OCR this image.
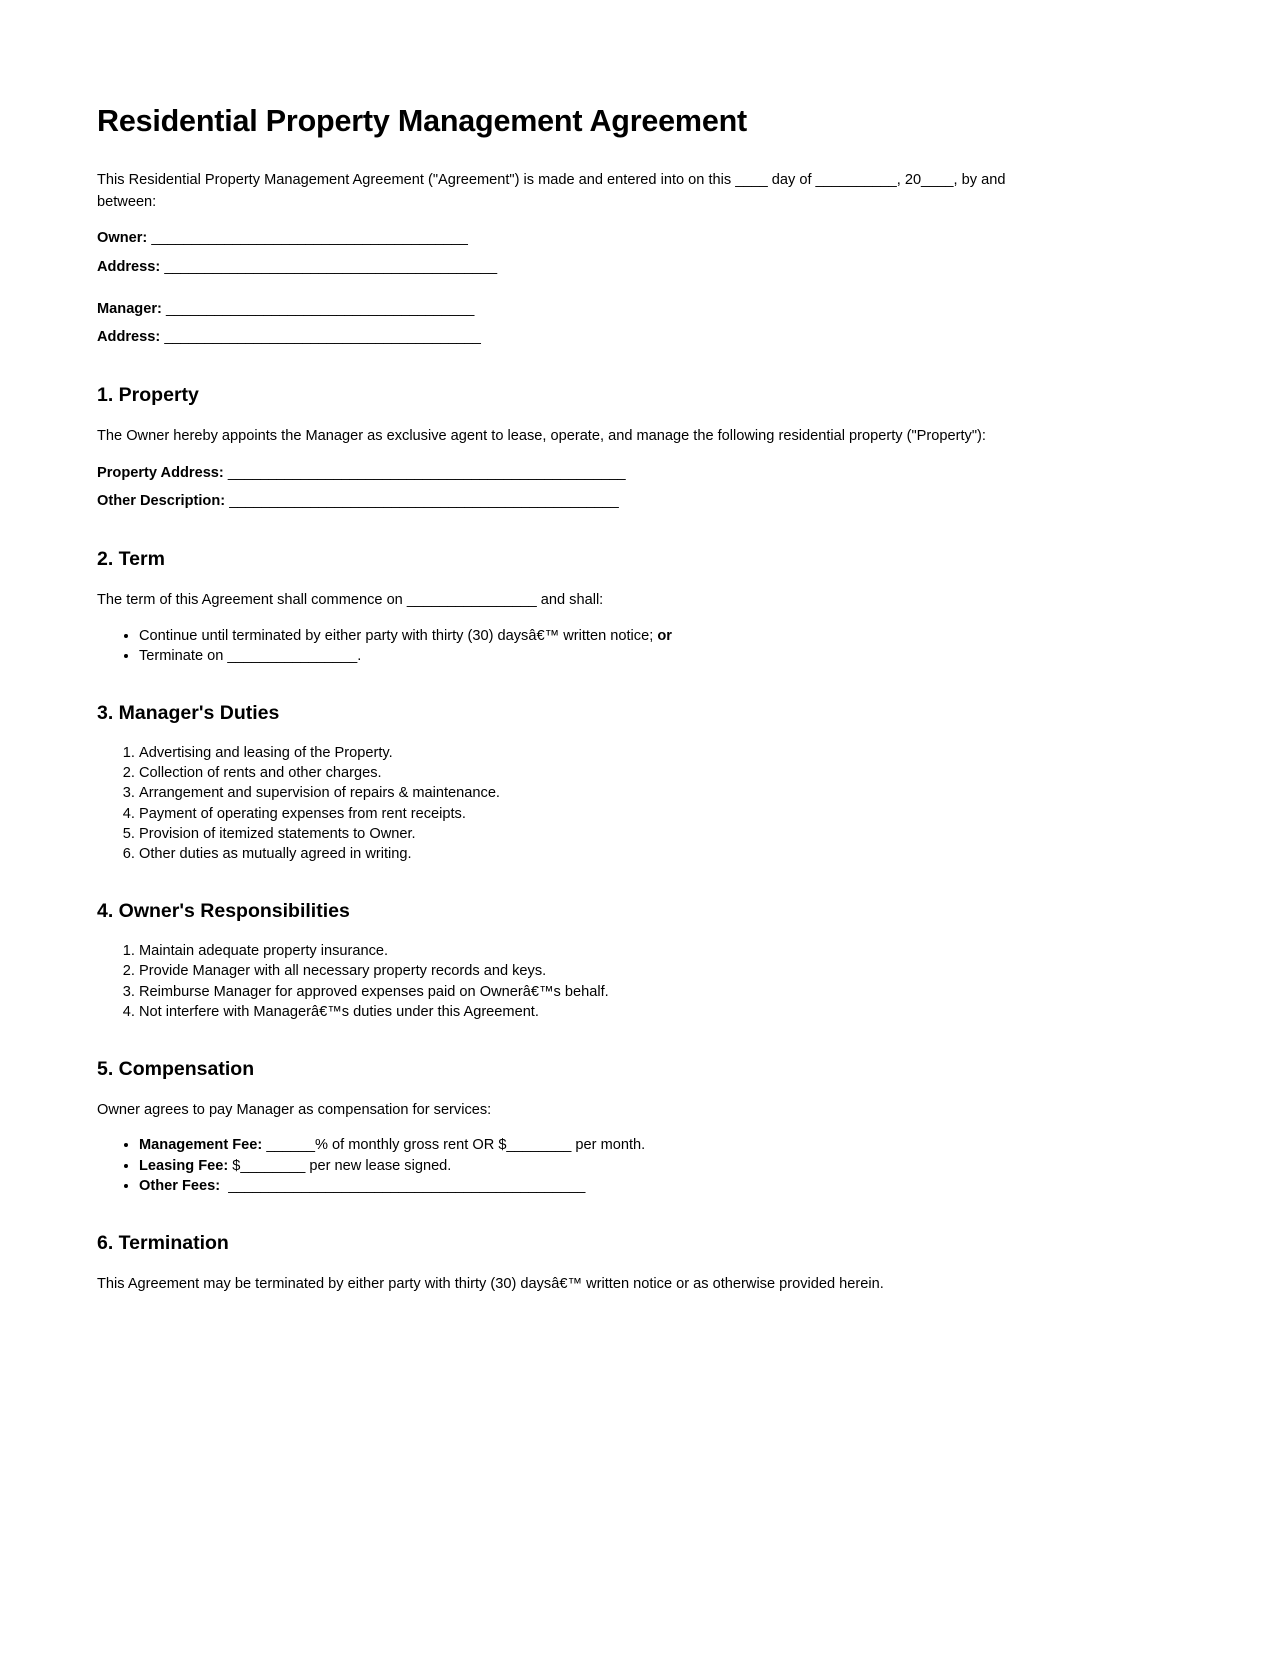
Residential Property Management Agreement

This Residential Property Management Agreement ("Agreement") is made and entered into on this ____ day of __________, 20____, by and between:

Owner: _______________________________________
Address: _________________________________________
Manager: ______________________________________
Address: _______________________________________
1. Property

The Owner hereby appoints the Manager as exclusive agent to lease, operate, and manage the following residential property ("Property"):

Property Address: _________________________________________________
Other Description: ________________________________________________
2. Term

The term of this Agreement shall commence on ________________ and shall:

• Continue until terminated by either party with thirty (30) daysâ€™ written notice; or
• Terminate on ________________.
3. Manager's Duties
1. Advertising and leasing of the Property.
2. Collection of rents and other charges.
3. Arrangement and supervision of repairs & maintenance.
4. Payment of operating expenses from rent receipts.
5. Provision of itemized statements to Owner.
6. Other duties as mutually agreed in writing.
4. Owner's Responsibilities
1. Maintain adequate property insurance.
2. Provide Manager with all necessary property records and keys.
3. Reimburse Manager for approved expenses paid on Ownerâ€™s behalf.
4. Not interfere with Managerâ€™s duties under this Agreement.
5. Compensation

Owner agrees to pay Manager as compensation for services:

• Management Fee: ______% of monthly gross rent OR $________ per month.
• Leasing Fee: $________ per new lease signed.
• Other Fees:  ____________________________________________
6. Termination

This Agreement may be terminated by either party with thirty (30) daysâ€™ written notice or as otherwise provided herein.
